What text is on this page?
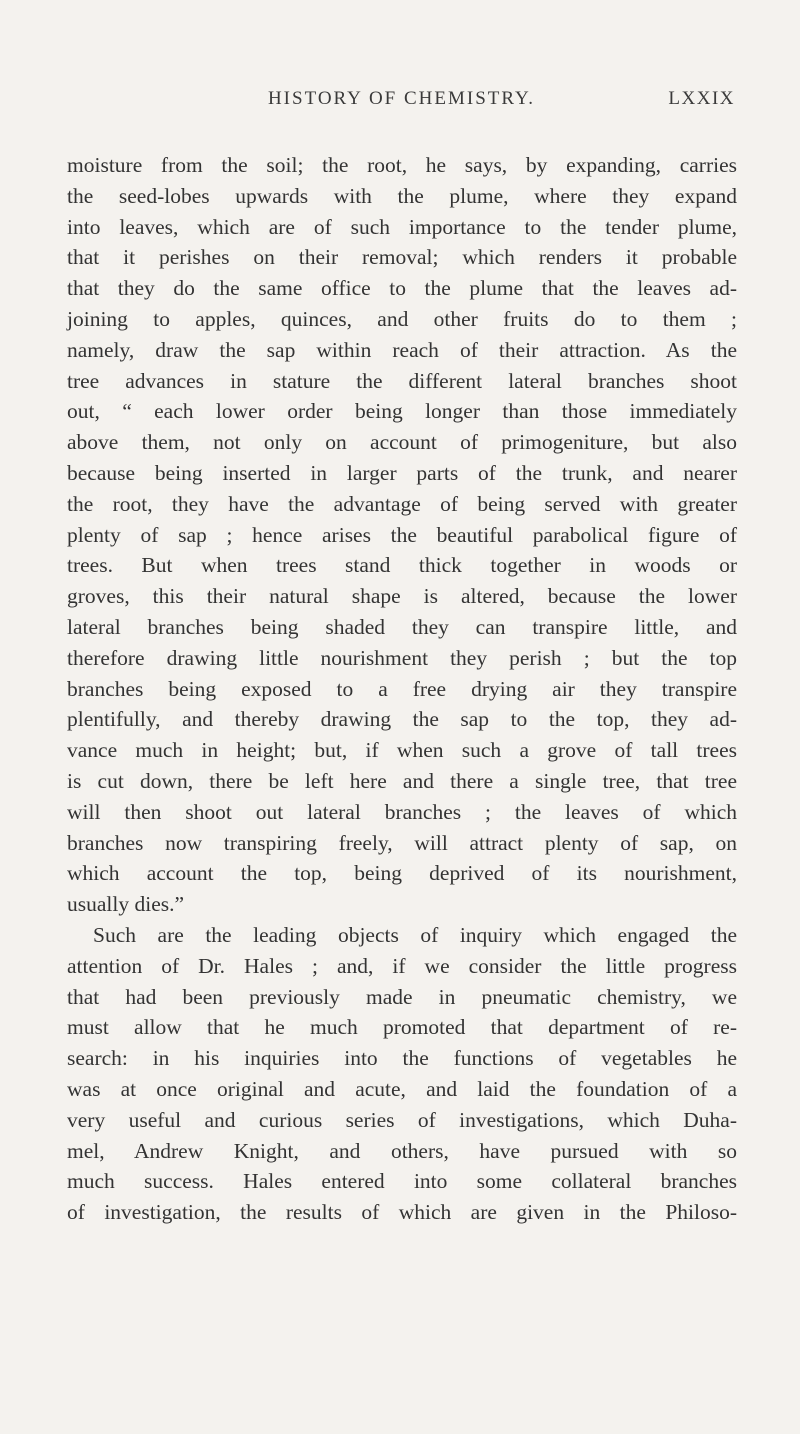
HISTORY OF CHEMISTRY.	LXXIX
moisture from the soil; the root, he says, by expanding, carries
the seed-lobes upwards with the plume, where they expand
into leaves, which are of such importance to the tender plume,
that it perishes on their removal; which renders it probable
that they do the same office to the plume that the leaves ad-
joining to apples, quinces, and other fruits do to them ;
namely, draw the sap within reach of their attraction. As the
tree advances in stature the different lateral branches shoot
out, “ each lower order being longer than those immediately
above them, not only on account of primogeniture, but also
because being inserted in larger parts of the trunk, and nearer
the root, they have the advantage of being served with greater
plenty of sap ; hence arises the beautiful parabolical figure of
trees. But when trees stand thick together in woods or
groves, this their natural shape is altered, because the lower
lateral branches being shaded they can transpire little, and
therefore drawing little nourishment they perish ; but the top
branches being exposed to a free drying air they transpire
plentifully, and thereby drawing the sap to the top, they ad-
vance much in height; but, if when such a grove of tall trees
is cut down, there be left here and there a single tree, that tree
will then shoot out lateral branches ; the leaves of which
branches now transpiring freely, will attract plenty of sap, on
which account the top, being deprived of its nourishment,
usually dies.”
Such are the leading objects of inquiry which engaged the
attention of Dr. Hales ; and, if we consider the little progress
that had been previously made in pneumatic chemistry, we
must allow that he much promoted that department of re-
search: in his inquiries into the functions of vegetables he
was at once original and acute, and laid the foundation of a
very useful and curious series of investigations, which Duha-
mel, Andrew Knight, and others, have pursued with so
much success. Hales entered into some collateral branches
of investigation, the results of which are given in the Philoso-
